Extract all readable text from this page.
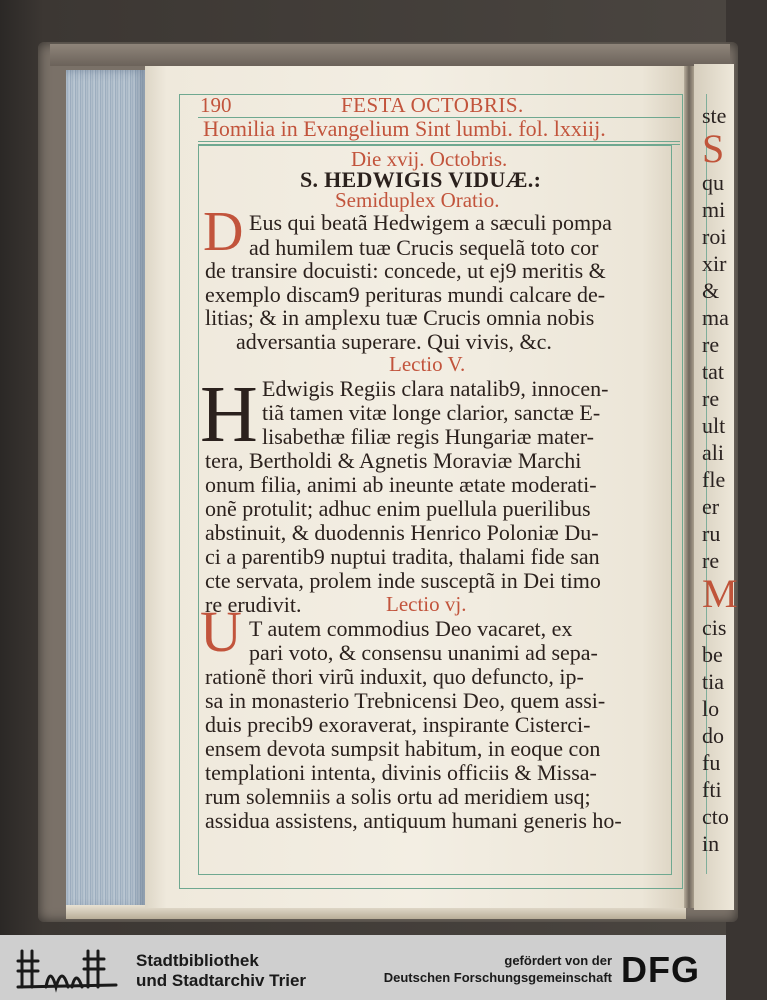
ste
S
qu
mi
roi
xir
&
ma
re
tat
re
ult
ali
fle
er
ru
re
M
cis
be
tia
lo
do
fu
fti
cto
in
190	FESTA OCTOBRIS.
Homilia in Evangelium Sint lumbi. fol. lxxiij.
Die xvij. Octobris.
S. HEDWIGIS VIDUÆ.:
Semiduplex Oratio.
D Eus qui beatã Hedwigem a sæculi pompa
ad humilem tuæ Crucis sequelã toto cor
de transire docuisti: concede, ut ej9 meritis &
exemplo discam9 perituras mundi calcare de-
litias; & in amplexu tuæ Crucis omnia nobis
adversantia superare. Qui vivis, &c.
Lectio V.
H Edwigis Regiis clara natalib9, innocen-
tiã tamen vitæ longe clarior, sanctæ E-
lisabethæ filiæ regis Hungariæ mater-
tera, Bertholdi & Agnetis Moraviæ Marchi
onum filia, animi ab ineunte ætate moderati-
onẽ protulit; adhuc enim puellula puerilibus
abstinuit, & duodennis Henrico Poloniæ Du-
ci a parentib9 nuptui tradita, thalami fide san
cte servata, prolem inde susceptã in Dei timo
re erudivit.	Lectio vj.
U T autem commodius Deo vacaret, ex
pari voto, & consensu unanimi ad sepa-
rationẽ thori virũ induxit, quo defuncto, ip-
sa in monasterio Trebnicensi Deo, quem assi-
duis precib9 exoraverat, inspirante Cisterci-
ensem devota sumpsit habitum, in eoque con
templationi intenta, divinis officiis & Missa-
rum solemniis a solis ortu ad meridiem usq;
assidua assistens, antiquum humani generis ho-
Stadtbibliothek
und Stadtarchiv Trier
gefördert von der
Deutschen Forschungsgemeinschaft DFG
